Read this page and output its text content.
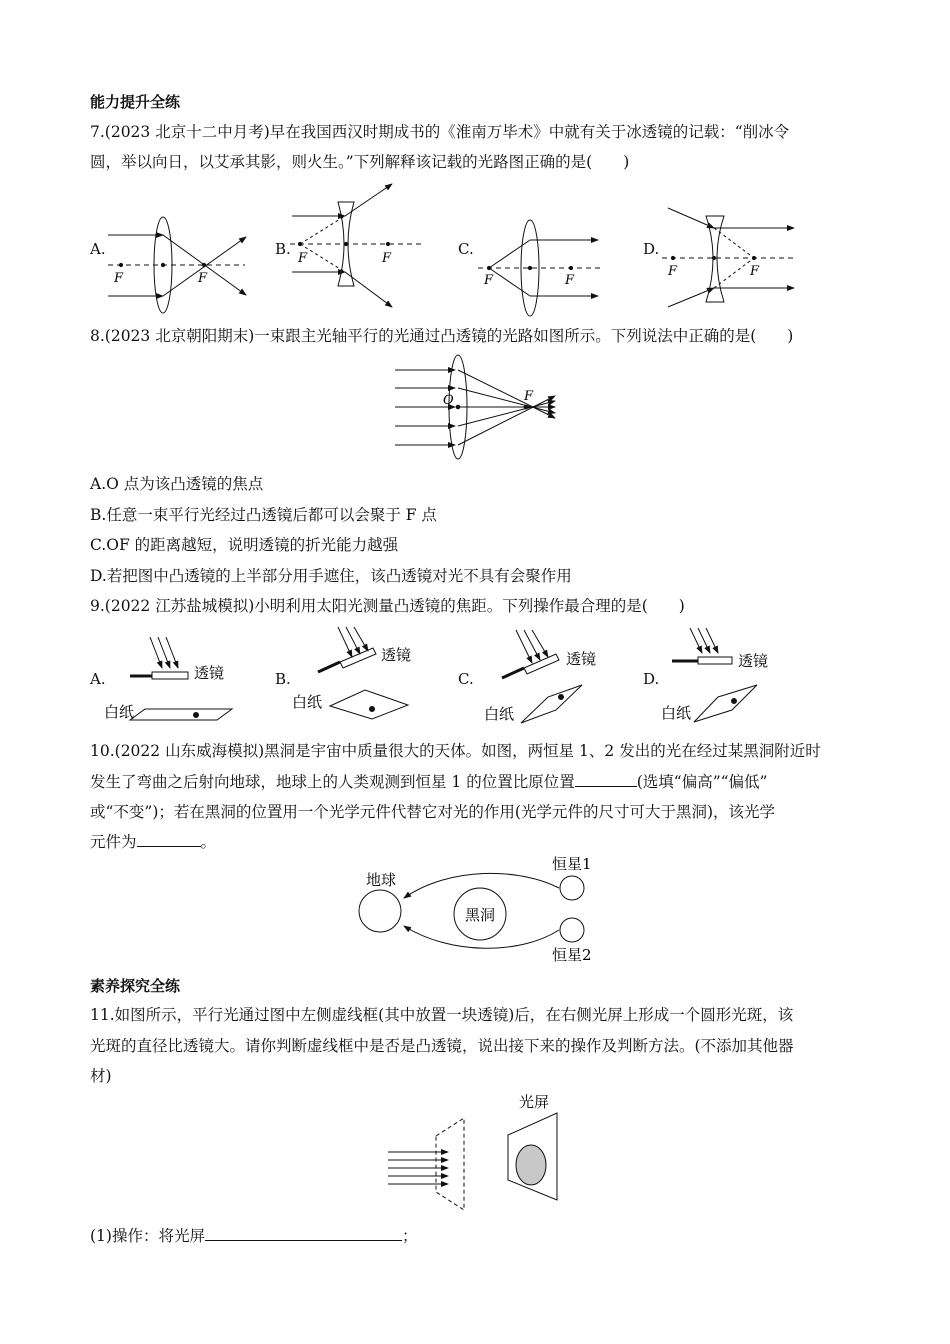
能力提升全练
7.(2023 北京十二中月考)早在我国西汉时期成书的《淮南万毕术》中就有关于冰透镜的记载：“削冰令
圆，举以向日，以艾承其影，则火生。”下列解释该记载的光路图正确的是(　　)
A.	B.	C.	D.
F	F
F	F
F	F
F	F
8.(2023 北京朝阳期末)一束跟主光轴平行的光通过凸透镜的光路如图所示。下列说法中正确的是(　　)
O	F
A.O 点为该凸透镜的焦点
B.任意一束平行光经过凸透镜后都可以会聚于 F 点
C.OF 的距离越短，说明透镜的折光能力越强
D.若把图中凸透镜的上半部分用手遮住，该凸透镜对光不具有会聚作用
9.(2022 江苏盐城模拟)小明利用太阳光测量凸透镜的焦距。下列操作最合理的是(　　)
A.	B.	C.	D.
透镜
白纸
透镜
白纸
透镜
白纸
透镜
白纸
10.(2022 山东威海模拟)黑洞是宇宙中质量很大的天体。如图，两恒星 1、2 发出的光在经过某黑洞附近时
发生了弯曲之后射向地球，地球上的人类观测到恒星 1 的位置比原位置	(选填“偏高”“偏低”
或“不变”)；若在黑洞的位置用一个光学元件代替它对光的作用(光学元件的尺寸可大于黑洞)，该光学
元件为	。
地球
黑洞
恒星1
恒星2
素养探究全练
11.如图所示，平行光通过图中左侧虚线框(其中放置一块透镜)后，在右侧光屏上形成一个圆形光斑，该
光斑的直径比透镜大。请你判断虚线框中是否是凸透镜，说出接下来的操作及判断方法。(不添加其他器
材)
光屏
(1)操作：将光屏	；
